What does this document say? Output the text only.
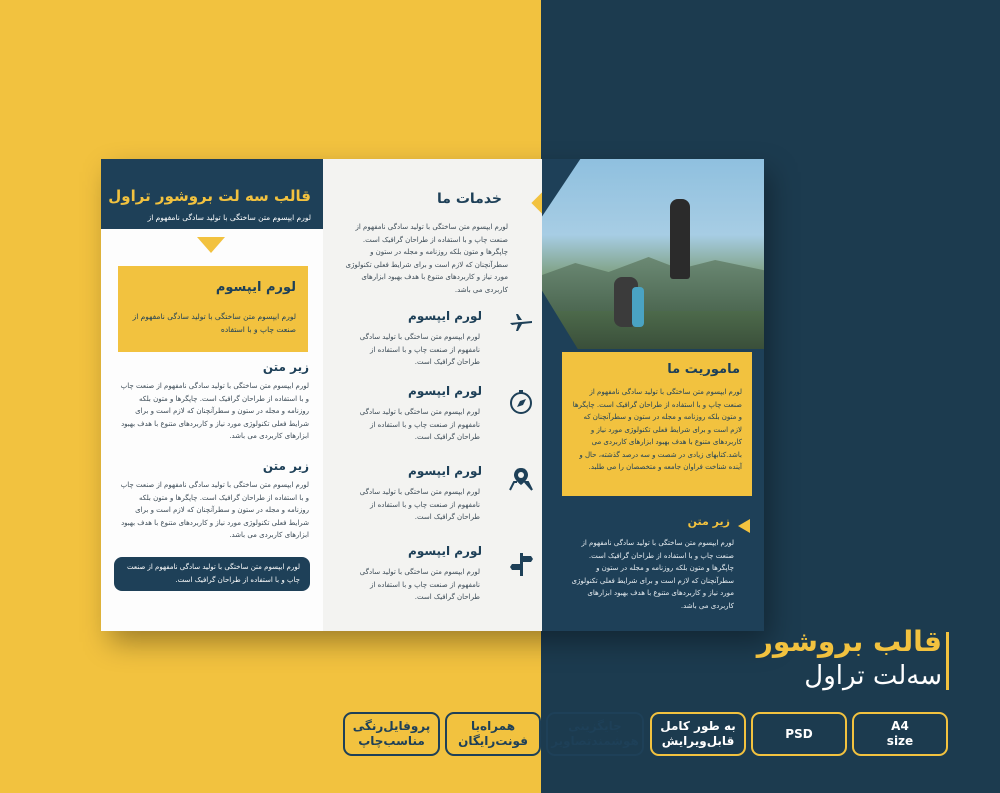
قالب سه لت بروشور تراول
لورم ایپسوم متن ساختگی با تولید سادگی نامفهوم از
لورم ایپسوم
لورم ایپسوم متن ساختگی با تولید سادگی نامفهوم از صنعت چاپ و با استفاده
زیر متن
لورم ایپسوم متن ساختگی با تولید سادگی نامفهوم از صنعت چاپ و با استفاده از طراحان گرافیک است. چاپگرها و متون بلکه روزنامه و مجله در ستون و سطرآنچنان که لازم است و برای شرایط فعلی تکنولوژی مورد نیاز و کاربردهای متنوع با هدف بهبود ابزارهای کاربردی می باشد.
زیر متن
لورم ایپسوم متن ساختگی با تولید سادگی نامفهوم از صنعت چاپ و با استفاده از طراحان گرافیک است. چاپگرها و متون بلکه روزنامه و مجله در ستون و سطرآنچنان که لازم است و برای شرایط فعلی تکنولوژی مورد نیاز و کاربردهای متنوع با هدف بهبود ابزارهای کاربردی می باشد.
لورم ایپسوم متن ساختگی با تولید سادگی نامفهوم از صنعت چاپ و با استفاده از طراحان گرافیک است.
خدمات ما
لورم ایپسوم متن ساختگی با تولید سادگی نامفهوم از صنعت چاپ و با استفاده از طراحان گرافیک است. چاپگرها و متون بلکه روزنامه و مجله در ستون و سطرآنچنان که لازم است و برای شرایط فعلی تکنولوژی مورد نیاز و کاربردهای متنوع با هدف بهبود ابزارهای کاربردی می باشد.
لورم ایپسوم
لورم ایپسوم متن ساختگی با تولید سادگی نامفهوم از صنعت چاپ و با استفاده از طراحان گرافیک است.
لورم ایپسوم
لورم ایپسوم متن ساختگی با تولید سادگی نامفهوم از صنعت چاپ و با استفاده از طراحان گرافیک است.
لورم ایپسوم
لورم ایپسوم متن ساختگی با تولید سادگی نامفهوم از صنعت چاپ و با استفاده از طراحان گرافیک است.
لورم ایپسوم
لورم ایپسوم متن ساختگی با تولید سادگی نامفهوم از صنعت چاپ و با استفاده از طراحان گرافیک است.
ماموریت ما
لورم ایپسوم متن ساختگی با تولید سادگی نامفهوم از صنعت چاپ و با استفاده از طراحان گرافیک است. چاپگرها و متون بلکه روزنامه و مجله در ستون و سطرآنچنان که لازم است و برای شرایط فعلی تکنولوژی مورد نیاز و کاربردهای متنوع با هدف بهبود ابزارهای کاربردی می باشد.کتابهای زیادی در شصت و سه درصد گذشته، حال و آینده شناخت فراوان جامعه و متخصصان را می طلبد.
زیر متن
لورم ایپسوم متن ساختگی با تولید سادگی نامفهوم از صنعت چاپ و با استفاده از طراحان گرافیک است. چاپگرها و متون بلکه روزنامه و مجله در ستون و سطرآنچنان که لازم است و برای شرایط فعلی تکنولوژی مورد نیاز و کاربردهای متنوع با هدف بهبود ابزارهای کاربردی می باشد.
قالب بروشور
سه‌لت تراول
A4
size
PSD
به طور کامل
قابل‌ویرایش
جایگزینی
هوشمندتصاویر
همراه‌با
فونت‌رایگان
پروفایل‌رنگی
مناسب‌چاپ
